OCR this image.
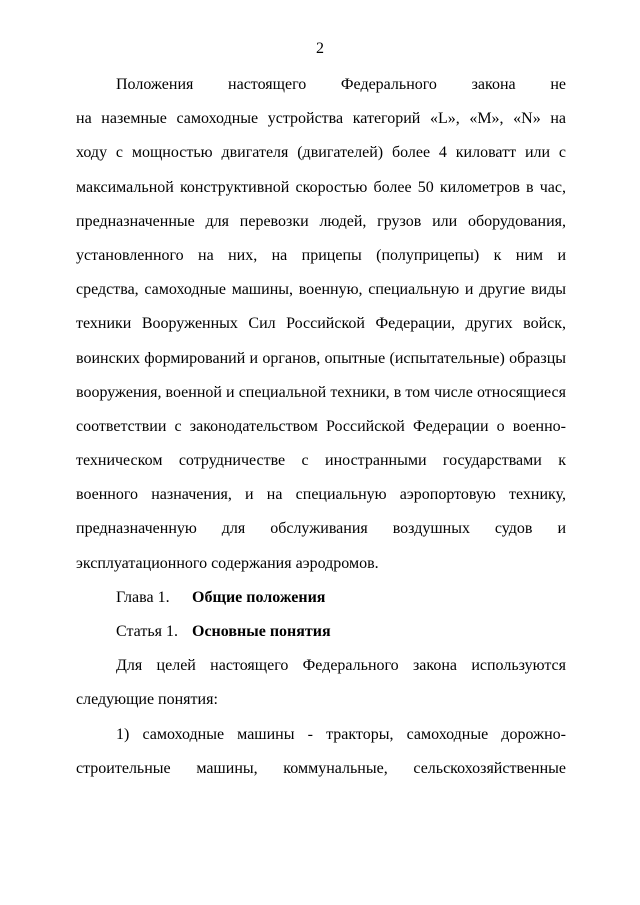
2
Положения настоящего Федерального закона не
на наземные самоходные устройства категорий «L», «M», «N» на
ходу с мощностью двигателя (двигателей) более 4 киловатт или с
максимальной конструктивной скоростью более 50 километров в час,
предназначенные для перевозки людей, грузов или оборудования,
установленного на них, на прицепы (полуприцепы) к ним и
средства, самоходные машины, военную, специальную и другие виды
техники Вооруженных Сил Российской Федерации, других войск,
воинских формирований и органов, опытные (испытательные) образцы
вооружения, военной и специальной техники, в том числе относящиеся
соответствии с законодательством Российской Федерации о военно-
техническом сотрудничестве с иностранными государствами к
военного назначения, и на специальную аэропортовую технику,
предназначенную для обслуживания воздушных судов и
эксплуатационного содержания аэродромов.
Глава 1. Общие положения
Статья 1. Основные понятия
Для целей настоящего Федерального закона используются
следующие понятия:
1) самоходные машины - тракторы, самоходные дорожно-
строительные машины, коммунальные, сельскохозяйственные
